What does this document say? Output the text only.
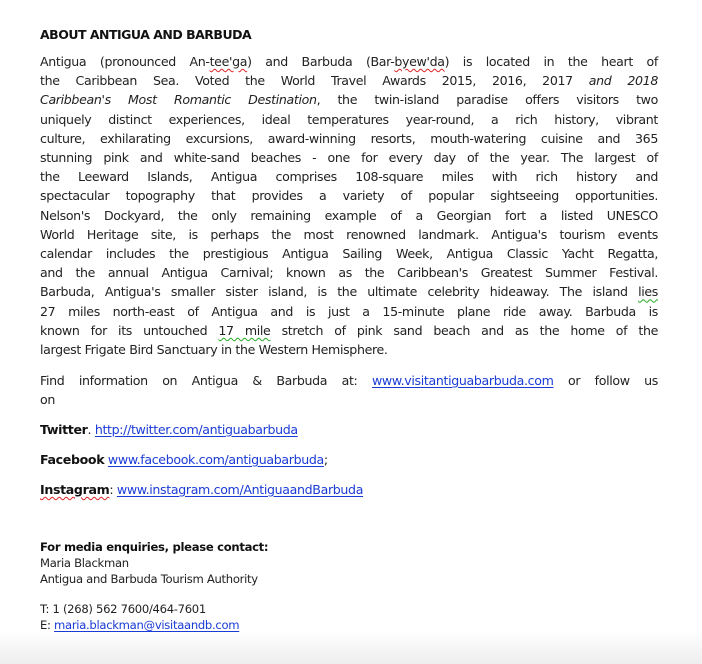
ABOUT ANTIGUA AND BARBUDA
Antigua (pronounced An-tee'ga) and Barbuda (Bar-byew'da) is located in the heart of
the Caribbean Sea. Voted the World Travel Awards 2015, 2016, 2017 and 2018
Caribbean's Most Romantic Destination, the twin-island paradise offers visitors two
uniquely distinct experiences, ideal temperatures year-round, a rich history, vibrant
culture, exhilarating excursions, award-winning resorts, mouth-watering cuisine and 365
stunning pink and white-sand beaches - one for every day of the year. The largest of
the Leeward Islands, Antigua comprises 108-square miles with rich history and
spectacular topography that provides a variety of popular sightseeing opportunities.
Nelson's Dockyard, the only remaining example of a Georgian fort a listed UNESCO
World Heritage site, is perhaps the most renowned landmark. Antigua's tourism events
calendar includes the prestigious Antigua Sailing Week, Antigua Classic Yacht Regatta,
and the annual Antigua Carnival; known as the Caribbean's Greatest Summer Festival.
Barbuda, Antigua's smaller sister island, is the ultimate celebrity hideaway. The island lies
27 miles north-east of Antigua and is just a 15-minute plane ride away. Barbuda is
known for its untouched 17 mile stretch of pink sand beach and as the home of the
largest Frigate Bird Sanctuary in the Western Hemisphere.
Find information on Antigua & Barbuda at: www.visitantiguabarbuda.com or follow us
on
Twitter. http://twitter.com/antiguabarbuda
Facebook www.facebook.com/antiguabarbuda;
Instagram: www.instagram.com/AntiguaandBarbuda
For media enquiries, please contact:
Maria Blackman
Antigua and Barbuda Tourism Authority
T: 1 (268) 562 7600/464-7601
E: maria.blackman@visitaandb.com
